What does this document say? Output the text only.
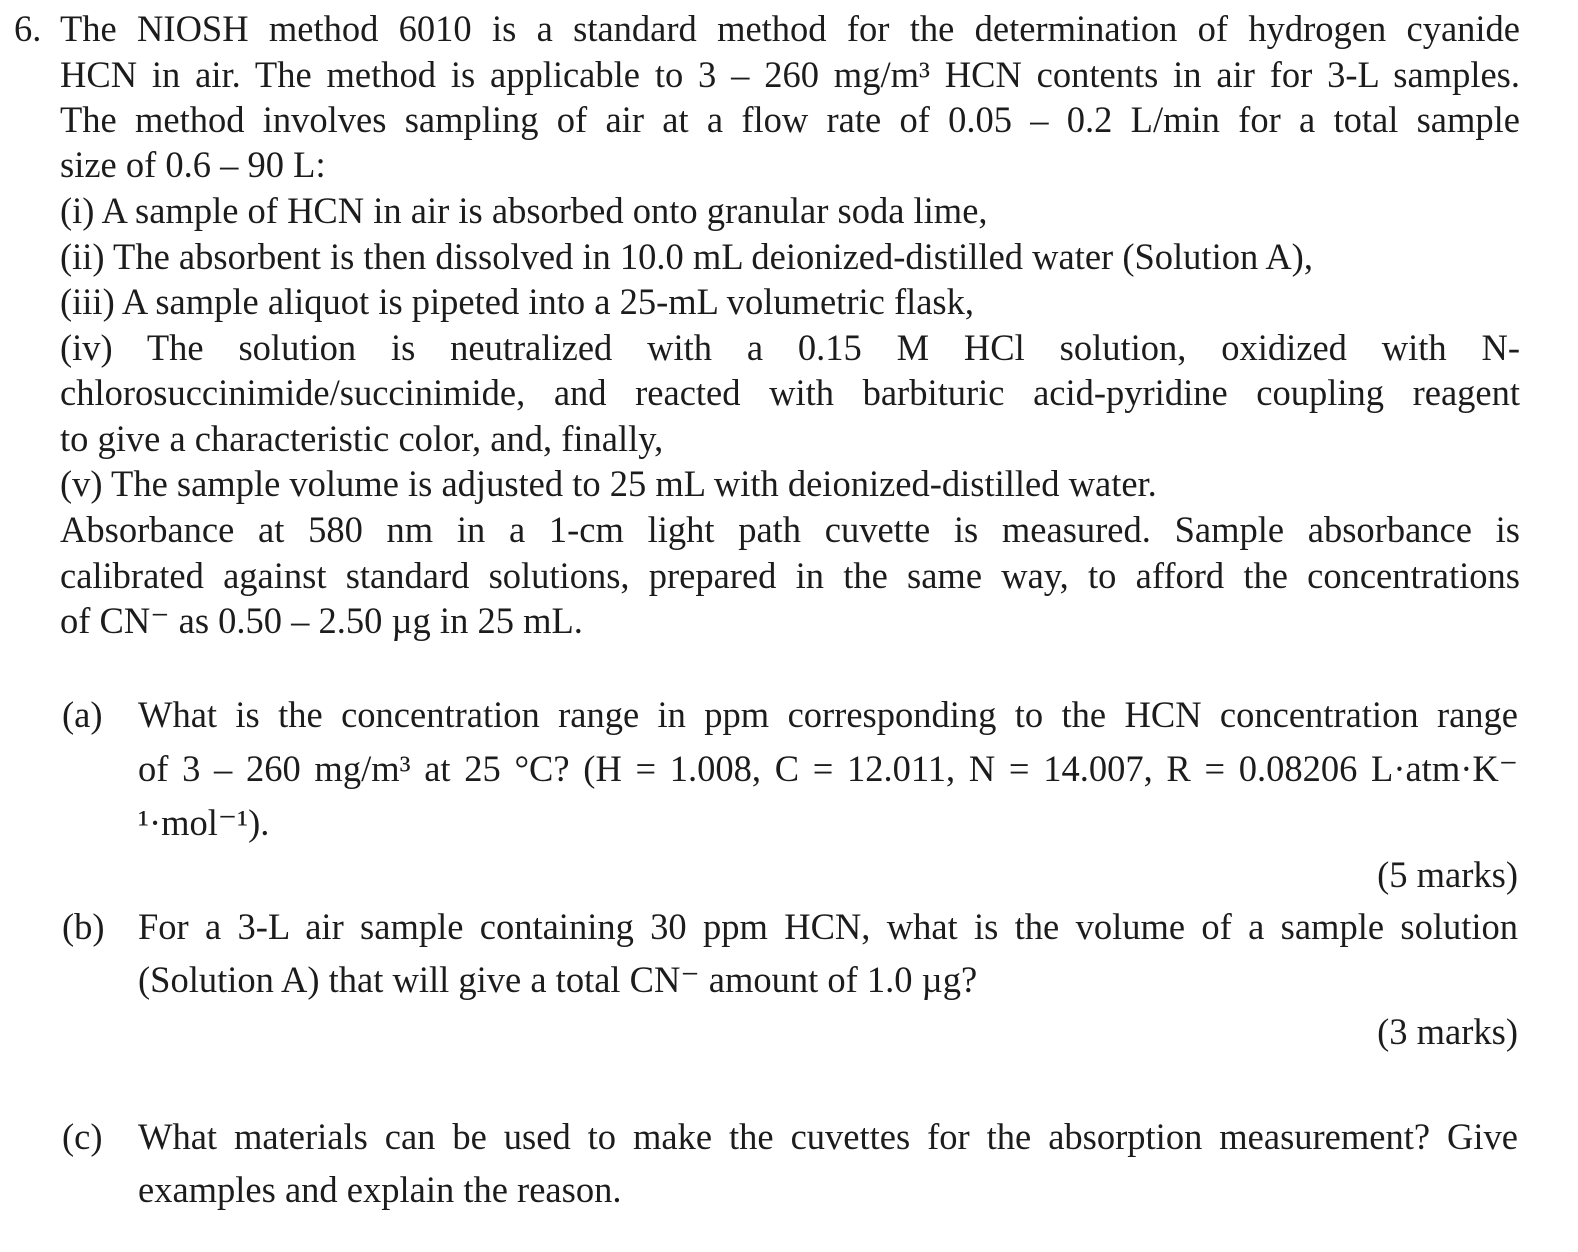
6. The NIOSH method 6010 is a standard method for the determination of hydrogen cyanide
HCN in air. The method is applicable to 3 – 260 mg/m³ HCN contents in air for 3-L samples.
The method involves sampling of air at a flow rate of 0.05 – 0.2 L/min for a total sample
size of 0.6 – 90 L:
(i) A sample of HCN in air is absorbed onto granular soda lime,
(ii) The absorbent is then dissolved in 10.0 mL deionized-distilled water (Solution A),
(iii) A sample aliquot is pipeted into a 25-mL volumetric flask,
(iv) The solution is neutralized with a 0.15 M HCl solution, oxidized with N-
chlorosuccinimide/succinimide, and reacted with barbituric acid-pyridine coupling reagent
to give a characteristic color, and, finally,
(v) The sample volume is adjusted to 25 mL with deionized-distilled water.
Absorbance at 580 nm in a 1-cm light path cuvette is measured. Sample absorbance is
calibrated against standard solutions, prepared in the same way, to afford the concentrations
of CN⁻ as 0.50 – 2.50 µg in 25 mL.
(a) What is the concentration range in ppm corresponding to the HCN concentration range
of 3 – 260 mg/m³ at 25 °C? (H = 1.008, C = 12.011, N = 14.007, R = 0.08206 L·atm·K⁻
¹·mol⁻¹).
(5 marks)
(b) For a 3-L air sample containing 30 ppm HCN, what is the volume of a sample solution
(Solution A) that will give a total CN⁻ amount of 1.0 µg?
(3 marks)
(c) What materials can be used to make the cuvettes for the absorption measurement? Give
examples and explain the reason.
